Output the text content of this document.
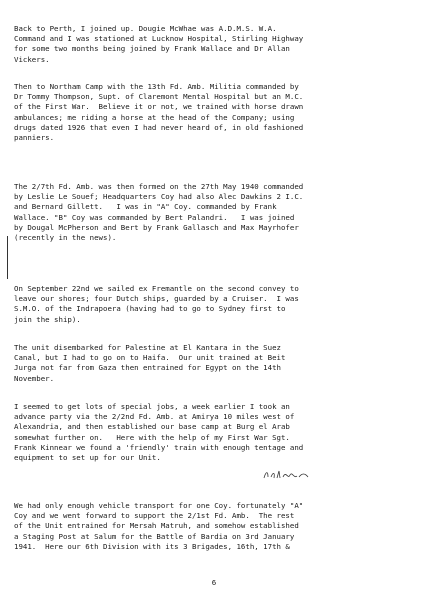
Back to Perth, I joined up. Dougie McWhae was A.D.M.S. W.A.
Command and I was stationed at Lucknow Hospital, Stirling Highway
for some two months being joined by Frank Wallace and Dr Allan
Vickers.
Then to Northam Camp with the 13th Fd. Amb. Militia commanded by
Dr Tommy Thompson, Supt. of Claremont Mental Hospital but an M.C.
of the First War.  Believe it or not, we trained with horse drawn
ambulances; me riding a horse at the head of the Company; using
drugs dated 1926 that even I had never heard of, in old fashioned
panniers.
The 2/7th Fd. Amb. was then formed on the 27th May 1940 commanded
by Leslie Le Souef; Headquarters Coy had also Alec Dawkins 2 I.C.
and Bernard Gillett.   I was in "A" Coy. commanded by Frank
Wallace. "B" Coy was commanded by Bert Palandri.   I was joined
by Dougal McPherson and Bert by Frank Gallasch and Max Mayrhofer
(recently in the news).
On September 22nd we sailed ex Fremantle on the second convey to
leave our shores; four Dutch ships, guarded by a Cruiser.  I was
S.M.O. of the Indrapoera (having had to go to Sydney first to
join the ship).
The unit disembarked for Palestine at El Kantara in the Suez
Canal, but I had to go on to Haifa.  Our unit trained at Beit
Jurga not far from Gaza then entrained for Egypt on the 14th
November.
I seemed to get lots of special jobs, a week earlier I took an
advance party via the 2/2nd Fd. Amb. at Amirya 10 miles west of
Alexandria, and then established our base camp at Burg el Arab
somewhat further on.   Here with the help of my First War Sgt.
Frank Kinnear we found a 'friendly' train with enough tentage and
equipment to set up for our Unit.
We had only enough vehicle transport for one Coy. fortunately "A"
Coy and we went forward to support the 2/1st Fd. Amb.  The rest
of the Unit entrained for Mersah Matruh, and somehow established
a Staging Post at Salum for the Battle of Bardia on 3rd January
1941.  Here our 6th Division with its 3 Brigades, 16th, 17th &
6
